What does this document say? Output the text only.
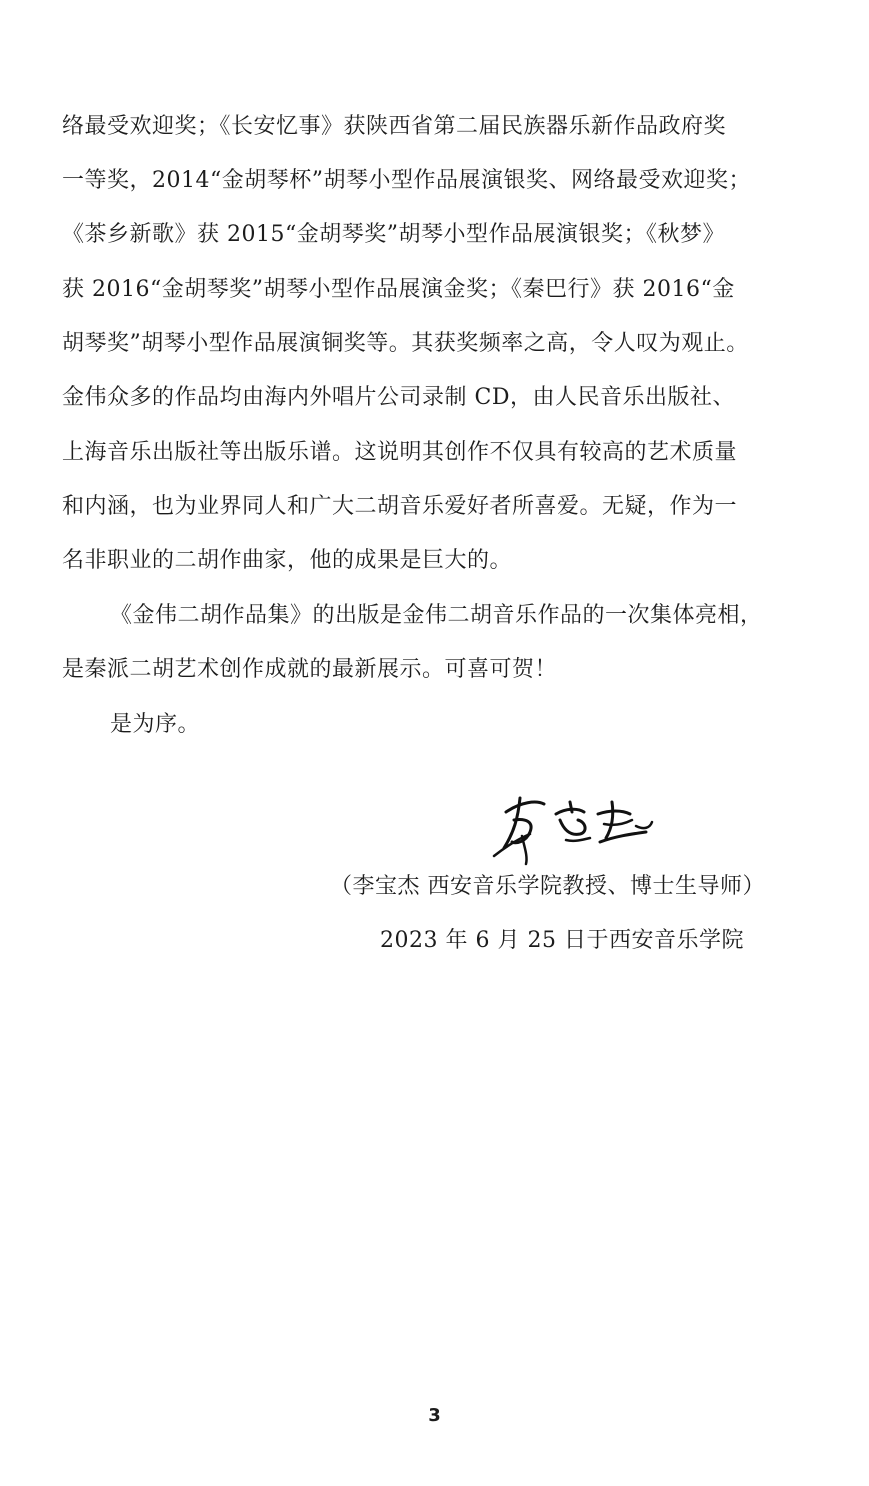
络最受欢迎奖；《长安忆事》获陕西省第二届民族器乐新作品政府奖
一等奖，2014“金胡琴杯”胡琴小型作品展演银奖、网络最受欢迎奖；
《茶乡新歌》获 2015“金胡琴奖”胡琴小型作品展演银奖；《秋梦》
获 2016“金胡琴奖”胡琴小型作品展演金奖；《秦巴行》获 2016“金
胡琴奖”胡琴小型作品展演铜奖等。其获奖频率之高，令人叹为观止。
金伟众多的作品均由海内外唱片公司录制 CD，由人民音乐出版社、
上海音乐出版社等出版乐谱。这说明其创作不仅具有较高的艺术质量
和内涵，也为业界同人和广大二胡音乐爱好者所喜爱。无疑，作为一
名非职业的二胡作曲家，他的成果是巨大的。
《金伟二胡作品集》的出版是金伟二胡音乐作品的一次集体亮相，
是秦派二胡艺术创作成就的最新展示。可喜可贺！
是为序。
（李宝杰 西安音乐学院教授、博士生导师）
2023 年 6 月 25 日于西安音乐学院
3
